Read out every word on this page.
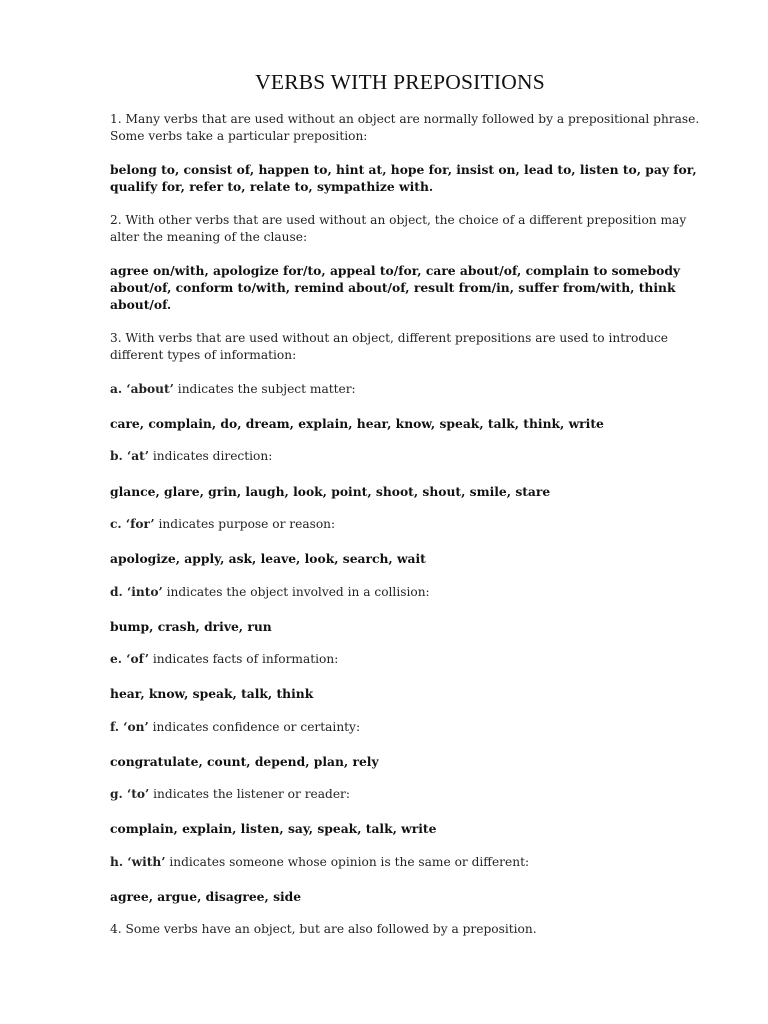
VERBS WITH PREPOSITIONS

1. Many verbs that are used without an object are normally followed by a prepositional phrase. Some verbs take a particular preposition:

belong to, consist of, happen to, hint at, hope for, insist on, lead to, listen to, pay for, qualify for, refer to, relate to, sympathize with.

2. With other verbs that are used without an object, the choice of a different preposition may alter the meaning of the clause:

agree on/with, apologize for/to, appeal to/for, care about/of, complain to somebody about/of, conform to/with, remind about/of, result from/in, suffer from/with, think about/of.

3. With verbs that are used without an object, different prepositions are used to introduce different types of information:

a. ‘about’ indicates the subject matter:

care, complain, do, dream, explain, hear, know, speak, talk, think, write

b. ‘at’ indicates direction:

glance, glare, grin, laugh, look, point, shoot, shout, smile, stare

c. ‘for’ indicates purpose or reason:

apologize, apply, ask, leave, look, search, wait

d. ‘into’ indicates the object involved in a collision:

bump, crash, drive, run

e. ‘of’ indicates facts of information:

hear, know, speak, talk, think

f. ‘on’ indicates confidence or certainty:

congratulate, count, depend, plan, rely

g. ‘to’ indicates the listener or reader:

complain, explain, listen, say, speak, talk, write

h. ‘with’ indicates someone whose opinion is the same or different:

agree, argue, disagree, side

4. Some verbs have an object, but are also followed by a preposition.
